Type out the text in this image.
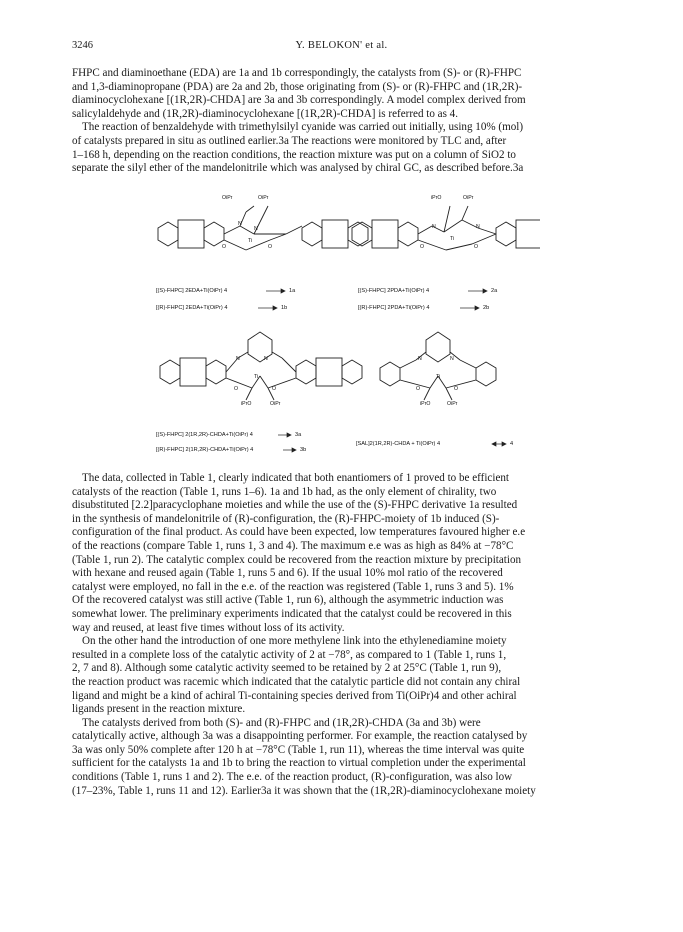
3246	Y. BELOKON' et al.

FHPC and diaminoethane (EDA) are 1a and 1b correspondingly, the catalysts from (S)- or (R)-FHPC
and 1,3-diaminopropane (PDA) are 2a and 2b, those originating from (S)- or (R)-FHPC and (1R,2R)-
diaminocyclohexane [(1R,2R)-CHDA] are 3a and 3b correspondingly. A model complex derived from
salicylaldehyde and (1R,2R)-diaminocyclohexane [(1R,2R)-CHDA] is referred to as 4.
The reaction of benzaldehyde with trimethylsilyl cyanide was carried out initially, using 10% (mol)
of catalysts prepared in situ as outlined earlier.3a The reactions were monitored by TLC and, after
1–168 h, depending on the reaction conditions, the reaction mixture was put on a column of SiO2 to
separate the silyl ether of the mandelonitrile which was analysed by chiral GC, as described before.3a

OiPr	OiPr	iPrO	OiPr
iPrO	OiPr	iPrO	OiPr
N
N
Ti
O	O
N	N
Ti
O	O
N	N
Ti
O	O
N	N
Ti
O	O
[(S)-FHPC] 2EDA+Ti(OiPr) 4	1a
[(R)-FHPC] 2EDA+Ti(OiPr) 4	1b
[(S)-FHPC] 2PDA+Ti(OiPr) 4	2a
[(R)-FHPC] 2PDA+Ti(OiPr) 4	2b
[(S)-FHPC] 2(1R,2R)-CHDA+Ti(OiPr) 4	3a
[(R)-FHPC] 2(1R,2R)-CHDA+Ti(OiPr) 4	3b
[SAL]2(1R,2R)-CHDA + Ti(OiPr) 4	4

The data, collected in Table 1, clearly indicated that both enantiomers of 1 proved to be efficient
catalysts of the reaction (Table 1, runs 1–6). 1a and 1b had, as the only element of chirality, two
disubstituted [2.2]paracyclophane moieties and while the use of the (S)-FHPC derivative 1a resulted
in the synthesis of mandelonitrile of (R)-configuration, the (R)-FHPC-moiety of 1b induced (S)-
configuration of the final product. As could have been expected, low temperatures favoured higher e.e
of the reactions (compare Table 1, runs 1, 3 and 4). The maximum e.e was as high as 84% at −78°C
(Table 1, run 2). The catalytic complex could be recovered from the reaction mixture by precipitation
with hexane and reused again (Table 1, runs 5 and 6). If the usual 10% mol ratio of the recovered
catalyst were employed, no fall in the e.e. of the reaction was registered (Table 1, runs 3 and 5). 1%
Of the recovered catalyst was still active (Table 1, run 6), although the asymmetric induction was
somewhat lower. The preliminary experiments indicated that the catalyst could be recovered in this
way and reused, at least five times without loss of its activity.
On the other hand the introduction of one more methylene link into the ethylenediamine moiety
resulted in a complete loss of the catalytic activity of 2 at −78°, as compared to 1 (Table 1, runs 1,
2, 7 and 8). Although some catalytic activity seemed to be retained by 2 at 25°C (Table 1, run 9),
the reaction product was racemic which indicated that the catalytic particle did not contain any chiral
ligand and might be a kind of achiral Ti-containing species derived from Ti(OiPr)4 and other achiral
ligands present in the reaction mixture.
The catalysts derived from both (S)- and (R)-FHPC and (1R,2R)-CHDA (3a and 3b) were
catalytically active, although 3a was a disappointing performer. For example, the reaction catalysed by
3a was only 50% complete after 120 h at −78°C (Table 1, run 11), whereas the time interval was quite
sufficient for the catalysts 1a and 1b to bring the reaction to virtual completion under the experimental
conditions (Table 1, runs 1 and 2). The e.e. of the reaction product, (R)-configuration, was also low
(17–23%, Table 1, runs 11 and 12). Earlier3a it was shown that the (1R,2R)-diaminocyclohexane moiety
